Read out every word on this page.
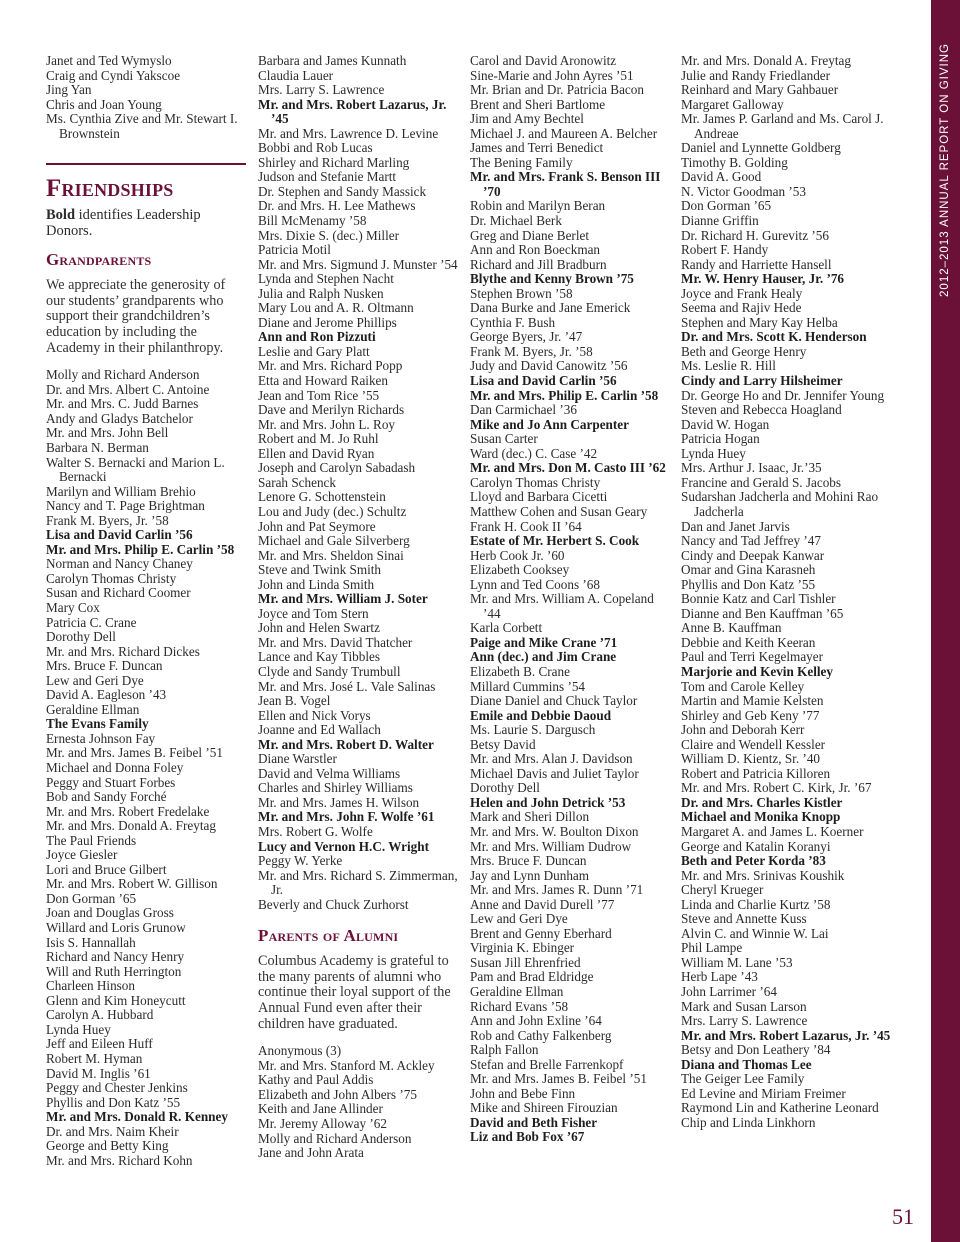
Janet and Ted Wymyslo
Craig and Cyndi Yakscoe
Jing Yan
Chris and Joan Young
Ms. Cynthia Zive and Mr. Stewart I. Brownstein
Friendships
Bold identifies Leadership Donors.
Grandparents
We appreciate the generosity of our students’ grandparents who support their grandchildren’s education by including the Academy in their philanthropy.
Molly and Richard Anderson
Dr. and Mrs. Albert C. Antoine
Mr. and Mrs. C. Judd Barnes
Andy and Gladys Batchelor
Mr. and Mrs. John Bell
Barbara N. Berman
Walter S. Bernacki and Marion L. Bernacki
Marilyn and William Brehio
Nancy and T. Page Brightman
Frank M. Byers, Jr. ’58
Lisa and David Carlin ’56
Mr. and Mrs. Philip E. Carlin ’58
Norman and Nancy Chaney
Carolyn Thomas Christy
Susan and Richard Coomer
Mary Cox
Patricia C. Crane
Dorothy Dell
Mr. and Mrs. Richard Dickes
Mrs. Bruce F. Duncan
Lew and Geri Dye
David A. Eagleson ’43
Geraldine Ellman
The Evans Family
Ernesta Johnson Fay
Mr. and Mrs. James B. Feibel ’51
Michael and Donna Foley
Peggy and Stuart Forbes
Bob and Sandy Forché
Mr. and Mrs. Robert Fredelake
Mr. and Mrs. Donald A. Freytag
The Paul Friends
Joyce Giesler
Lori and Bruce Gilbert
Mr. and Mrs. Robert W. Gillison
Don Gorman ’65
Joan and Douglas Gross
Willard and Loris Grunow
Isis S. Hannallah
Richard and Nancy Henry
Will and Ruth Herrington
Charleen Hinson
Glenn and Kim Honeycutt
Carolyn A. Hubbard
Lynda Huey
Jeff and Eileen Huff
Robert M. Hyman
David M. Inglis ’61
Peggy and Chester Jenkins
Phyllis and Don Katz ’55
Mr. and Mrs. Donald R. Kenney
Dr. and Mrs. Naim Kheir
George and Betty King
Mr. and Mrs. Richard Kohn
Barbara and James Kunnath
Claudia Lauer
Mrs. Larry S. Lawrence
Mr. and Mrs. Robert Lazarus, Jr. ’45
Mr. and Mrs. Lawrence D. Levine
Bobbi and Rob Lucas
Shirley and Richard Marling
Judson and Stefanie Martt
Dr. Stephen and Sandy Massick
Dr. and Mrs. H. Lee Mathews
Bill McMenamy ’58
Mrs. Dixie S. (dec.) Miller
Patricia Motil
Mr. and Mrs. Sigmund J. Munster ’54
Lynda and Stephen Nacht
Julia and Ralph Nusken
Mary Lou and A. R. Oltmann
Diane and Jerome Phillips
Ann and Ron Pizzuti
Leslie and Gary Platt
Mr. and Mrs. Richard Popp
Etta and Howard Raiken
Jean and Tom Rice ’55
Dave and Merilyn Richards
Mr. and Mrs. John L. Roy
Robert and M. Jo Ruhl
Ellen and David Ryan
Joseph and Carolyn Sabadash
Sarah Schenck
Lenore G. Schottenstein
Lou and Judy (dec.) Schultz
John and Pat Seymore
Michael and Gale Silverberg
Mr. and Mrs. Sheldon Sinai
Steve and Twink Smith
John and Linda Smith
Mr. and Mrs. William J. Soter
Joyce and Tom Stern
John and Helen Swartz
Mr. and Mrs. David Thatcher
Lance and Kay Tibbles
Clyde and Sandy Trumbull
Mr. and Mrs. José L. Vale Salinas
Jean B. Vogel
Ellen and Nick Vorys
Joanne and Ed Wallach
Mr. and Mrs. Robert D. Walter
Diane Warstler
David and Velma Williams
Charles and Shirley Williams
Mr. and Mrs. James H. Wilson
Mr. and Mrs. John F. Wolfe ’61
Mrs. Robert G. Wolfe
Lucy and Vernon H.C. Wright
Peggy W. Yerke
Mr. and Mrs. Richard S. Zimmerman, Jr.
Beverly and Chuck Zurhorst
Parents of Alumni
Columbus Academy is grateful to the many parents of alumni who continue their loyal support of the Annual Fund even after their children have graduated.
Anonymous (3)
Mr. and Mrs. Stanford M. Ackley
Kathy and Paul Addis
Elizabeth and John Albers ’75
Keith and Jane Allinder
Mr. Jeremy Alloway ’62
Molly and Richard Anderson
Jane and John Arata
Carol and David Aronowitz
Sine-Marie and John Ayres ’51
Mr. Brian and Dr. Patricia Bacon
Brent and Sheri Bartlome
Jim and Amy Bechtel
Michael J. and Maureen A. Belcher
James and Terri Benedict
The Bening Family
Mr. and Mrs. Frank S. Benson III ’70
Robin and Marilyn Beran
Dr. Michael Berk
Greg and Diane Berlet
Ann and Ron Boeckman
Richard and Jill Bradburn
Blythe and Kenny Brown ’75
Stephen Brown ’58
Dana Burke and Jane Emerick
Cynthia F. Bush
George Byers, Jr. ’47
Frank M. Byers, Jr. ’58
Judy and David Canowitz ’56
Lisa and David Carlin ’56
Mr. and Mrs. Philip E. Carlin ’58
Dan Carmichael ’36
Mike and Jo Ann Carpenter
Susan Carter
Ward (dec.) C. Case ’42
Mr. and Mrs. Don M. Casto III ’62
Carolyn Thomas Christy
Lloyd and Barbara Cicetti
Matthew Cohen and Susan Geary
Frank H. Cook II ’64
Estate of Mr. Herbert S. Cook
Herb Cook Jr. ’60
Elizabeth Cooksey
Lynn and Ted Coons ’68
Mr. and Mrs. William A. Copeland ’44
Karla Corbett
Paige and Mike Crane ’71
Ann (dec.) and Jim Crane
Elizabeth B. Crane
Millard Cummins ’54
Diane Daniel and Chuck Taylor
Emile and Debbie Daoud
Ms. Laurie S. Dargusch
Betsy David
Mr. and Mrs. Alan J. Davidson
Michael Davis and Juliet Taylor
Dorothy Dell
Helen and John Detrick ’53
Mark and Sheri Dillon
Mr. and Mrs. W. Boulton Dixon
Mr. and Mrs. William Dudrow
Mrs. Bruce F. Duncan
Jay and Lynn Dunham
Mr. and Mrs. James R. Dunn ’71
Anne and David Durell ’77
Lew and Geri Dye
Brent and Genny Eberhard
Virginia K. Ebinger
Susan Jill Ehrenfried
Pam and Brad Eldridge
Geraldine Ellman
Richard Evans ’58
Ann and John Exline ’64
Rob and Cathy Falkenberg
Ralph Fallon
Stefan and Brelle Farrenkopf
Mr. and Mrs. James B. Feibel ’51
John and Bebe Finn
Mike and Shireen Firouzian
David and Beth Fisher
Liz and Bob Fox ’67
Mr. and Mrs. Donald A. Freytag
Julie and Randy Friedlander
Reinhard and Mary Gahbauer
Margaret Galloway
Mr. James P. Garland and Ms. Carol J. Andreae
Daniel and Lynnette Goldberg
Timothy B. Golding
David A. Good
N. Victor Goodman ’53
Don Gorman ’65
Dianne Griffin
Dr. Richard H. Gurevitz ’56
Robert F. Handy
Randy and Harriette Hansell
Mr. W. Henry Hauser, Jr. ’76
Joyce and Frank Healy
Seema and Rajiv Hede
Stephen and Mary Kay Helba
Dr. and Mrs. Scott K. Henderson
Beth and George Henry
Ms. Leslie R. Hill
Cindy and Larry Hilsheimer
Dr. George Ho and Dr. Jennifer Young
Steven and Rebecca Hoagland
David W. Hogan
Patricia Hogan
Lynda Huey
Mrs. Arthur J. Isaac, Jr.’35
Francine and Gerald S. Jacobs
Sudarshan Jadcherla and Mohini Rao Jadcherla
Dan and Janet Jarvis
Nancy and Tad Jeffrey ’47
Cindy and Deepak Kanwar
Omar and Gina Karasneh
Phyllis and Don Katz ’55
Bonnie Katz and Carl Tishler
Dianne and Ben Kauffman ’65
Anne B. Kauffman
Debbie and Keith Keeran
Paul and Terri Kegelmayer
Marjorie and Kevin Kelley
Tom and Carole Kelley
Martin and Mamie Kelsten
Shirley and Geb Keny ’77
John and Deborah Kerr
Claire and Wendell Kessler
William D. Kientz, Sr. ’40
Robert and Patricia Killoren
Mr. and Mrs. Robert C. Kirk, Jr. ’67
Dr. and Mrs. Charles Kistler
Michael and Monika Knopp
Margaret A. and James L. Koerner
George and Katalin Koranyi
Beth and Peter Korda ’83
Mr. and Mrs. Srinivas Koushik
Cheryl Krueger
Linda and Charlie Kurtz ’58
Steve and Annette Kuss
Alvin C. and Winnie W. Lai
Phil Lampe
William M. Lane ’53
Herb Lape ’43
John Larrimer ’64
Mark and Susan Larson
Mrs. Larry S. Lawrence
Mr. and Mrs. Robert Lazarus, Jr. ’45
Betsy and Don Leathery ’84
Diana and Thomas Lee
The Geiger Lee Family
Ed Levine and Miriam Freimer
Raymond Lin and Katherine Leonard
Chip and Linda Linkhorn
2012–2013 ANNUAL REPORT ON GIVING
51
